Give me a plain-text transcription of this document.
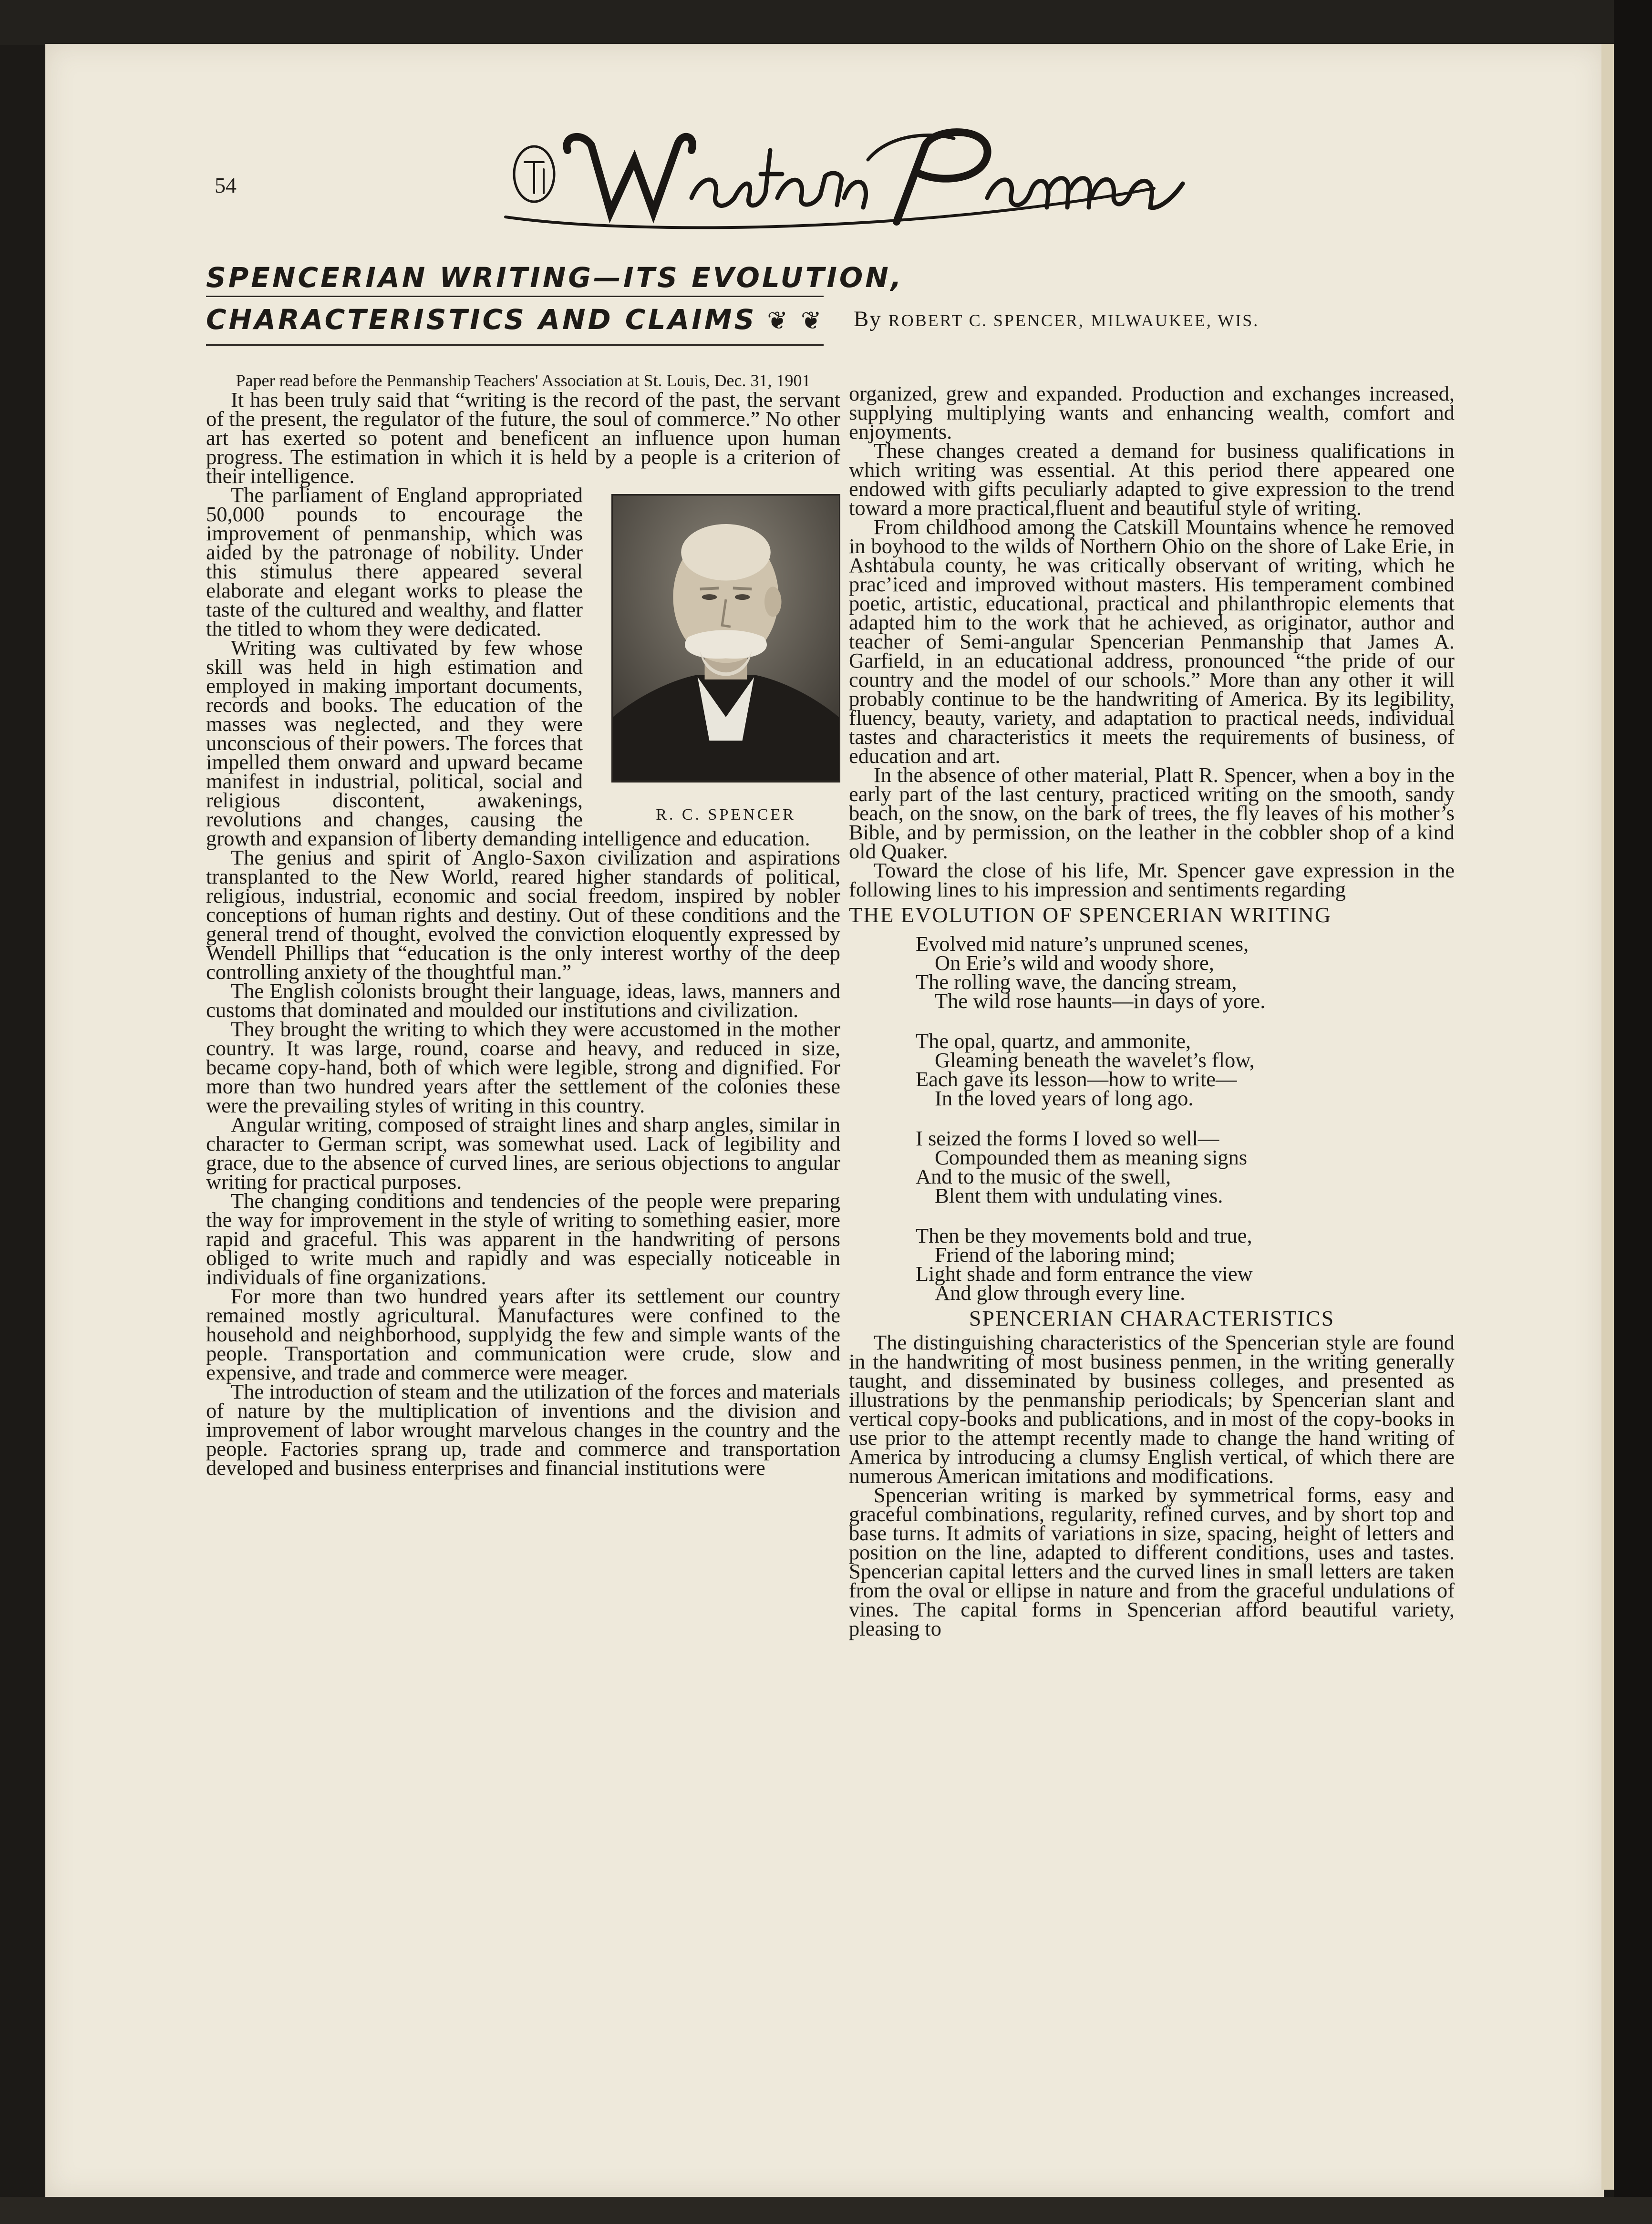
54
SPENCERIAN WRITING—ITS EVOLUTION,
CHARACTERISTICS AND CLAIMS ❦ ❦ By ROBERT C. SPENCER, MILWAUKEE, WIS.

Paper read before the Penmanship Teachers' Association at St. Louis, Dec. 31, 1901

It has been truly said that “writing is the record of the past, the servant of the present, the regulator of the future, the soul of commerce.” No other art has exerted so potent and beneficent an influence upon human progress. The estimation in which it is held by a people is a criterion of their intelligence.

R. C. SPENCER

The parliament of England appropriated 50,000 pounds to encourage the improvement of penmanship, which was aided by the patronage of nobility. Under this stimulus there appeared several elaborate and elegant works to please the taste of the cultured and wealthy, and flatter the titled to whom they were dedicated.

Writing was cultivated by few whose skill was held in high estimation and employed in making important documents, records and books. The education of the masses was neglected, and they were unconscious of their powers. The forces that impelled them onward and upward became manifest in industrial, political, social and religious discontent, awakenings, revolutions and changes, causing the growth and expansion of liberty demanding intelligence and education.

The genius and spirit of Anglo-Saxon civilization and aspirations transplanted to the New World, reared higher standards of political, religious, industrial, economic and social freedom, inspired by nobler conceptions of human rights and destiny. Out of these conditions and the general trend of thought, evolved the conviction eloquently expressed by Wendell Phillips that “education is the only interest worthy of the deep controlling anxiety of the thoughtful man.”

The English colonists brought their language, ideas, laws, manners and customs that dominated and moulded our institutions and civilization.

They brought the writing to which they were accustomed in the mother country. It was large, round, coarse and heavy, and reduced in size, became copy-hand, both of which were legible, strong and dignified. For more than two hundred years after the settlement of the colonies these were the prevailing styles of writing in this country.

Angular writing, composed of straight lines and sharp angles, similar in character to German script, was somewhat used. Lack of legibility and grace, due to the absence of curved lines, are serious objections to angular writing for practical purposes.

The changing conditions and tendencies of the people were preparing the way for improvement in the style of writing to something easier, more rapid and graceful. This was apparent in the handwriting of persons obliged to write much and rapidly and was especially noticeable in individuals of fine organizations.

For more than two hundred years after its settlement our country remained mostly agricultural. Manufactures were confined to the household and neighborhood, supplyidg the few and simple wants of the people. Transportation and communication were crude, slow and expensive, and trade and commerce were meager.

The introduction of steam and the utilization of the forces and materials of nature by the multiplication of inventions and the division and improvement of labor wrought marvelous changes in the country and the people. Factories sprang up, trade and commerce and transportation developed and business enterprises and financial institutions were

organized, grew and expanded. Production and exchanges increased, supplying multiplying wants and enhancing wealth, comfort and enjoyments.

These changes created a demand for business qualifications in which writing was essential. At this period there appeared one endowed with gifts peculiarly adapted to give expression to the trend toward a more practical,fluent and beautiful style of writing.

From childhood among the Catskill Mountains whence he removed in boyhood to the wilds of Northern Ohio on the shore of Lake Erie, in Ashtabula county, he was critically observant of writing, which he prac’iced and improved without masters. His temperament combined poetic, artistic, educational, practical and philanthropic elements that adapted him to the work that he achieved, as originator, author and teacher of Semi-angular Spencerian Penmanship that James A. Garfield, in an educational address, pronounced “the pride of our country and the model of our schools.” More than any other it will probably continue to be the handwriting of America. By its legibility, fluency, beauty, variety, and adaptation to practical needs, individual tastes and characteristics it meets the requirements of business, of education and art.

In the absence of other material, Platt R. Spencer, when a boy in the early part of the last century, practiced writing on the smooth, sandy beach, on the snow, on the bark of trees, the fly leaves of his mother’s Bible, and by permission, on the leather in the cobbler shop of a kind old Quaker.

Toward the close of his life, Mr. Spencer gave expression in the following lines to his impression and sentiments regarding

THE EVOLUTION OF SPENCERIAN WRITING
Evolved mid nature’s unpruned scenes,
On Erie’s wild and woody shore,
The rolling wave, the dancing stream,
The wild rose haunts—in days of yore.
The opal, quartz, and ammonite,
Gleaming beneath the wavelet’s flow,
Each gave its lesson—how to write—
In the loved years of long ago.
I seized the forms I loved so well—
Compounded them as meaning signs
And to the music of the swell,
Blent them with undulating vines.
Then be they movements bold and true,
Friend of the laboring mind;
Light shade and form entrance the view
And glow through every line.
SPENCERIAN CHARACTERISTICS

The distinguishing characteristics of the Spencerian style are found in the handwriting of most business penmen, in the writing generally taught, and disseminated by business colleges, and presented as illustrations by the penmanship periodicals; by Spencerian slant and vertical copy-books and publications, and in most of the copy-books in use prior to the attempt recently made to change the hand writing of America by introducing a clumsy English vertical, of which there are numerous American imitations and modifications.

Spencerian writing is marked by symmetrical forms, easy and graceful combinations, regularity, refined curves, and by short top and base turns. It admits of variations in size, spacing, height of letters and position on the line, adapted to different conditions, uses and tastes. Spencerian capital letters and the curved lines in small letters are taken from the oval or ellipse in nature and from the graceful undulations of vines. The capital forms in Spencerian afford beautiful variety, pleasing to
